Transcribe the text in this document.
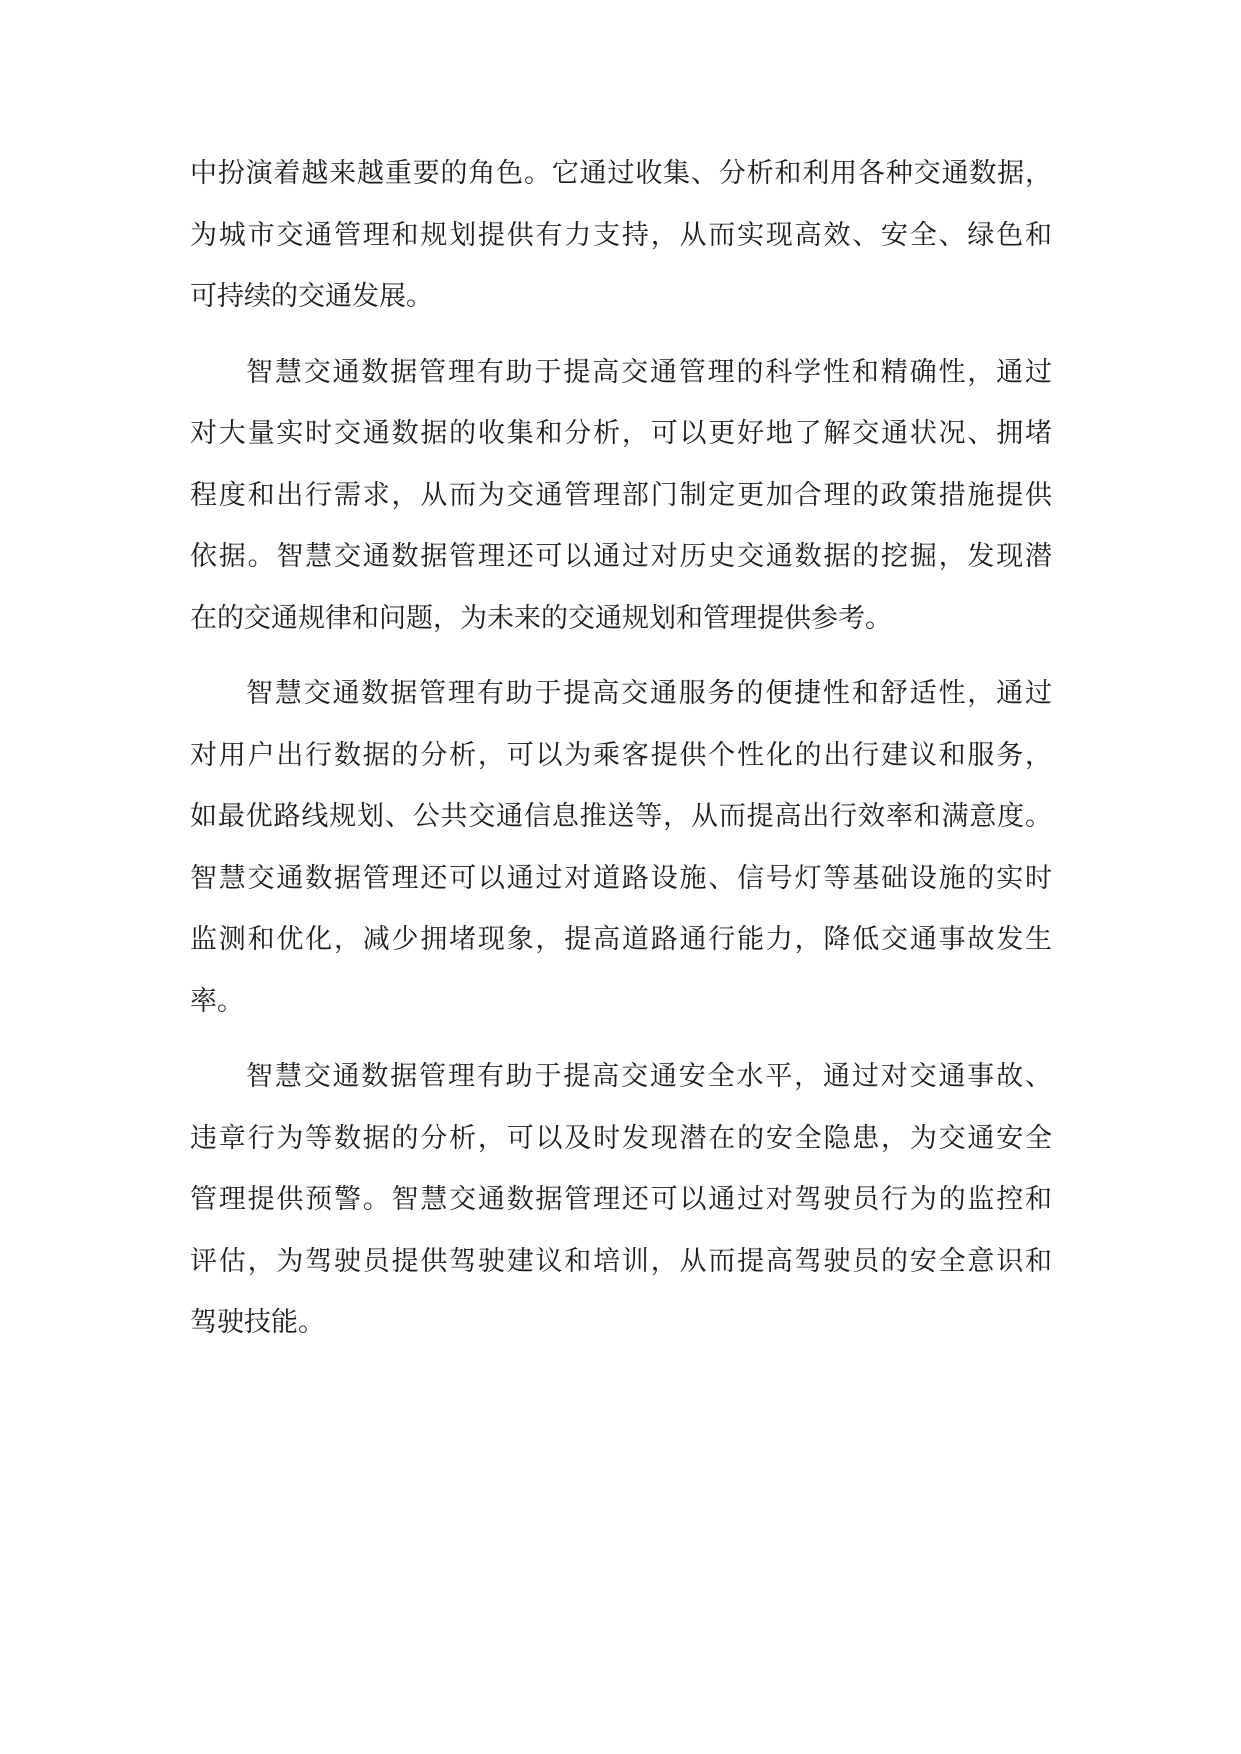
中扮演着越来越重要的角色。它通过收集、分析和利用各种交通数据，
为城市交通管理和规划提供有力支持，从而实现高效、安全、绿色和
可持续的交通发展。
智慧交通数据管理有助于提高交通管理的科学性和精确性，通过
对大量实时交通数据的收集和分析，可以更好地了解交通状况、拥堵
程度和出行需求，从而为交通管理部门制定更加合理的政策措施提供
依据。智慧交通数据管理还可以通过对历史交通数据的挖掘，发现潜
在的交通规律和问题，为未来的交通规划和管理提供参考。
智慧交通数据管理有助于提高交通服务的便捷性和舒适性，通过
对用户出行数据的分析，可以为乘客提供个性化的出行建议和服务，
如最优路线规划、公共交通信息推送等，从而提高出行效率和满意度。
智慧交通数据管理还可以通过对道路设施、信号灯等基础设施的实时
监测和优化，减少拥堵现象，提高道路通行能力，降低交通事故发生
率。
智慧交通数据管理有助于提高交通安全水平，通过对交通事故、
违章行为等数据的分析，可以及时发现潜在的安全隐患，为交通安全
管理提供预警。智慧交通数据管理还可以通过对驾驶员行为的监控和
评估，为驾驶员提供驾驶建议和培训，从而提高驾驶员的安全意识和
驾驶技能。
